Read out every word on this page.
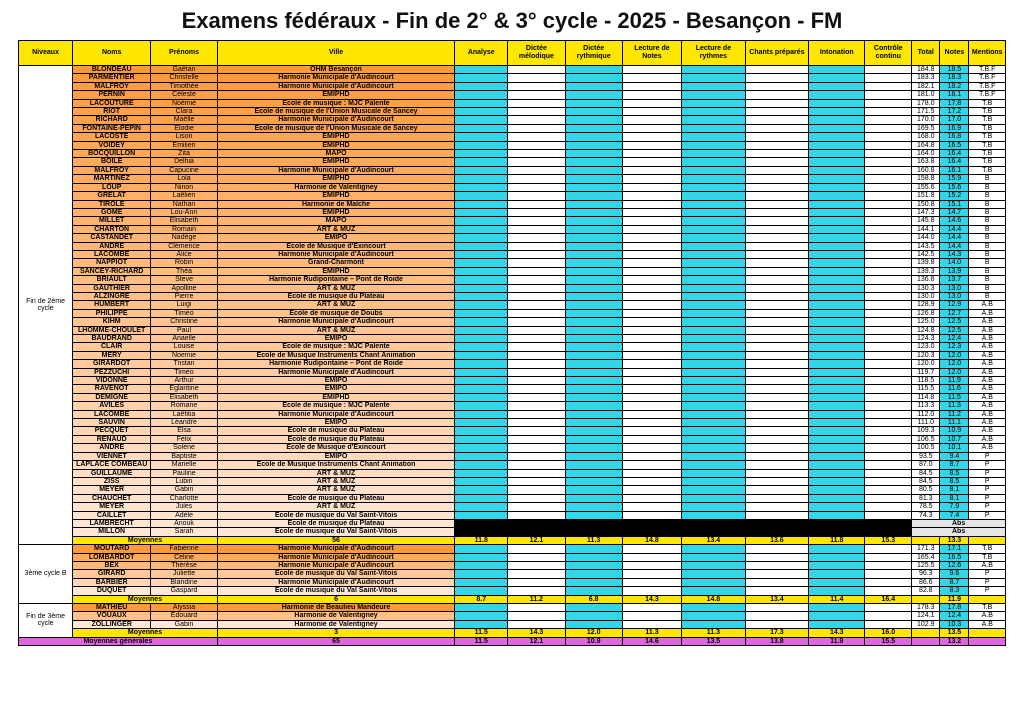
Examens fédéraux - Fin de 2° & 3° cycle - 2025 - Besançon - FM
Niveaux	Noms	Prénoms	Ville	Analyse	Dictée mélodique	Dictée rythmique	Lecture de Notes	Lecture de rythmes	Chants préparés	Intonation	Contrôle continu	Total	Notes	Mentions
Fin de 2ème cycle	BLONDEAU	Gaëtan	OHM Besançon									184.8	18.5	T.B.F
	PARMENTIER	Christelle	Harmonie Municipale d'Audincourt									183.3	18.3	T.B.F
	MALFROY	Timothée	Harmonie Municipale d'Audincourt									182.1	18.2	T.B.F
	PERNIN	Céleste	EMIPHD									181.0	18.1	T.B.F
	LACOUTURE	Noémie	Ecole de musique : MJC Palente									178.0	17.8	T.B
	RIOT	Clara	Ecole de musique de l'Union Musicale de Sancey									171.5	17.2	T.B
	RICHARD	Maëlle	Harmonie Municipale d'Audincourt									170.0	17.0	T.B
	FONTAINE-PEPIN	Elodie	Ecole de musique de l'Union Musicale de Sancey									169.5	16.9	T.B
	LACOSTE	Lison	EMIPHD									168.0	16.8	T.B
	VOIDEY	Emilien	EMIPHD									164.8	16.5	T.B
	BOCQUILLON	Zita	MAPO									164.0	16.4	T.B
	BOILE	Delhia	EMIPHD									163.8	16.4	T.B
	MALFROY	Capucine	Harmonie Municipale d'Audincourt									160.8	16.1	T.B
	MARTINEZ	Lola	EMIPHD									158.8	15.9	B
	LOUP	Ninon	Harmonie de Valentigney									155.6	15.6	B
	GRELAT	Laëlien	EMIPHD									151.8	15.2	B
	TIROLE	Nathan	Harmonie de Maîche									150.8	15.1	B
	GÔME	Lou-Ann	EMIPHD									147.3	14.7	B
	MILLET	Elisabeth	MAPO									145.8	14.6	B
	CHARTON	Romain	ART & MUZ									144.1	14.4	B
	CASTANDET	Nadège	EMIPO									144.0	14.4	B
	ANDRE	Clémence	Ecole de Musique d'Exincourt									143.5	14.4	B
	LACOMBE	Alice	Harmonie Municipale d'Audincourt									142.5	14.3	B
	NAPPIOT	Robin	Grand-Charmont									139.8	14.0	B
	SANCEY-RICHARD	Théa	EMIPHD									139.3	13.9	B
	BRIAULT	Steve	Harmonie Rudipontaine – Pont de Roide									136.8	13.7	B
	GAUTHIER	Apolline	ART & MUZ									130.3	13.0	B
	ALZINGRE	Pierre	Ecole de musique du Plateau									130.0	13.0	B
	HUMBERT	Luigi	ART & MUZ									128.9	12.9	A.B
	PHILIPPE	Timéo	Ecole de musique de Doubs									126.8	12.7	A.B
	KIHM	Christine	Harmonie Municipale d'Audincourt									125.0	12.5	A.B
	LHOMME-CHOULET	Paul	ART & MUZ									124.8	12.5	A.B
	BAUDRAND	Anaelle	EMIPO									124.3	12.4	A.B
	CLAIR	Louise	Ecole de musique : MJC Palente									123.0	12.3	A.B
	MERY	Noemie	Ecole de Musique Instruments Chant Animation									120.3	12.0	A.B
	GIRARDOT	Tristan	Harmonie Rudipontaine – Pont de Roide									120.0	12.0	A.B
	PEZZUCHI	Timéo	Harmonie Municipale d'Audincourt									119.7	12.0	A.B
	VIDONNE	Arthur	EMIPO									118.5	11.9	A.B
	RAVENOT	Eglantine	EMIPO									115.5	11.6	A.B
	DEMIGNE	Elisabeth	EMIPHD									114.8	11.5	A.B
	AVILES	Romane	Ecole de musique : MJC Palente									113.3	11.3	A.B
	LACOMBE	Laëtitia	Harmonie Municipale d'Audincourt									112.0	11.2	A.B
	SAUVIN	Léandre	EMIPO									111.0	11.1	A.B
	PECQUET	Elsa	Ecole de musique du Plateau									109.3	10.9	A.B
	RENAUD	Félix	Ecole de musique du Plateau									106.5	10.7	A.B
	ANDRE	Solène	Ecole de Musique d'Exincourt									100.5	10.1	A.B
	VIENNET	Baptiste	EMIPO									93.5	9.4	P
	LAPLACE COMBEAU	Marielle	Ecole de Musique Instruments Chant Animation									87.0	8.7	P
	GUILLAUME	Pauline	ART & MUZ									84.5	8.5	P
	ZISS	Lubin	ART & MUZ									84.5	8.5	P
	MEYER	Gabin	ART & MUZ									80.5	8.1	P
	CHAUCHET	Charlotte	Ecole de musique du Plateau									81.3	8.1	P
	MEYER	Jules	ART & MUZ									78.5	7.9	P
	CAILLET	Adèle	Ecole de musique du Val Saint-Vitois									74.3	7.4	P
	LAMBRECHT	Anouk	Ecole de musique du Plateau									Abs		
	MILLON	Sarah	Ecole de musique du Val Saint-Vitois									Abs		
	Moyennes		56	11.8	12.1	11.3	14.8	13.4	13.6	11.8	15.3		13.3	
3ème cycle B	MOUTARD	Fabienne	Harmonie Municipale d'Audincourt									171.3	17.1	T.B
	LOMBARDOT	Céline	Harmonie Municipale d'Audincourt									165.4	16.5	T.B
	BEX	Thérèse	Harmonie Municipale d'Audincourt									125.5	12.6	A.B
	GIRARD	Juliette	Ecole de musique du Val Saint-Vitois									96.3	9.6	P
	BARBIER	Blandine	Harmonie Municipale d'Audincourt									86.6	8.7	P
	DUQUET	Gaspard	Ecole de musique du Val Saint-Vitois									82.8	8.3	P
	Moyennes		6	8.7	11.2	6.8	14.3	14.8	13.4	11.4	16.4		11.9	
Fin de 3ème cycle	MATHIEU	Alyssia	Harmonie de Beaulieu Mandeure									178.3	17.8	T.B
	VOUAUX	Edouard	Harmonie de Valentigney									124.1	12.4	A.B
	ZOLLINGER	Gabin	Harmonie de Valentigney									102.9	10.3	A.B
	Moyennes		3	11.5	14.3	12.0	11.3	11.3	17.3	14.3	16.0		13.5	
Moyennes générales			65	11.5	12.1	10.9	14.6	13.5	13.8	11.9	15.5		13.2	
